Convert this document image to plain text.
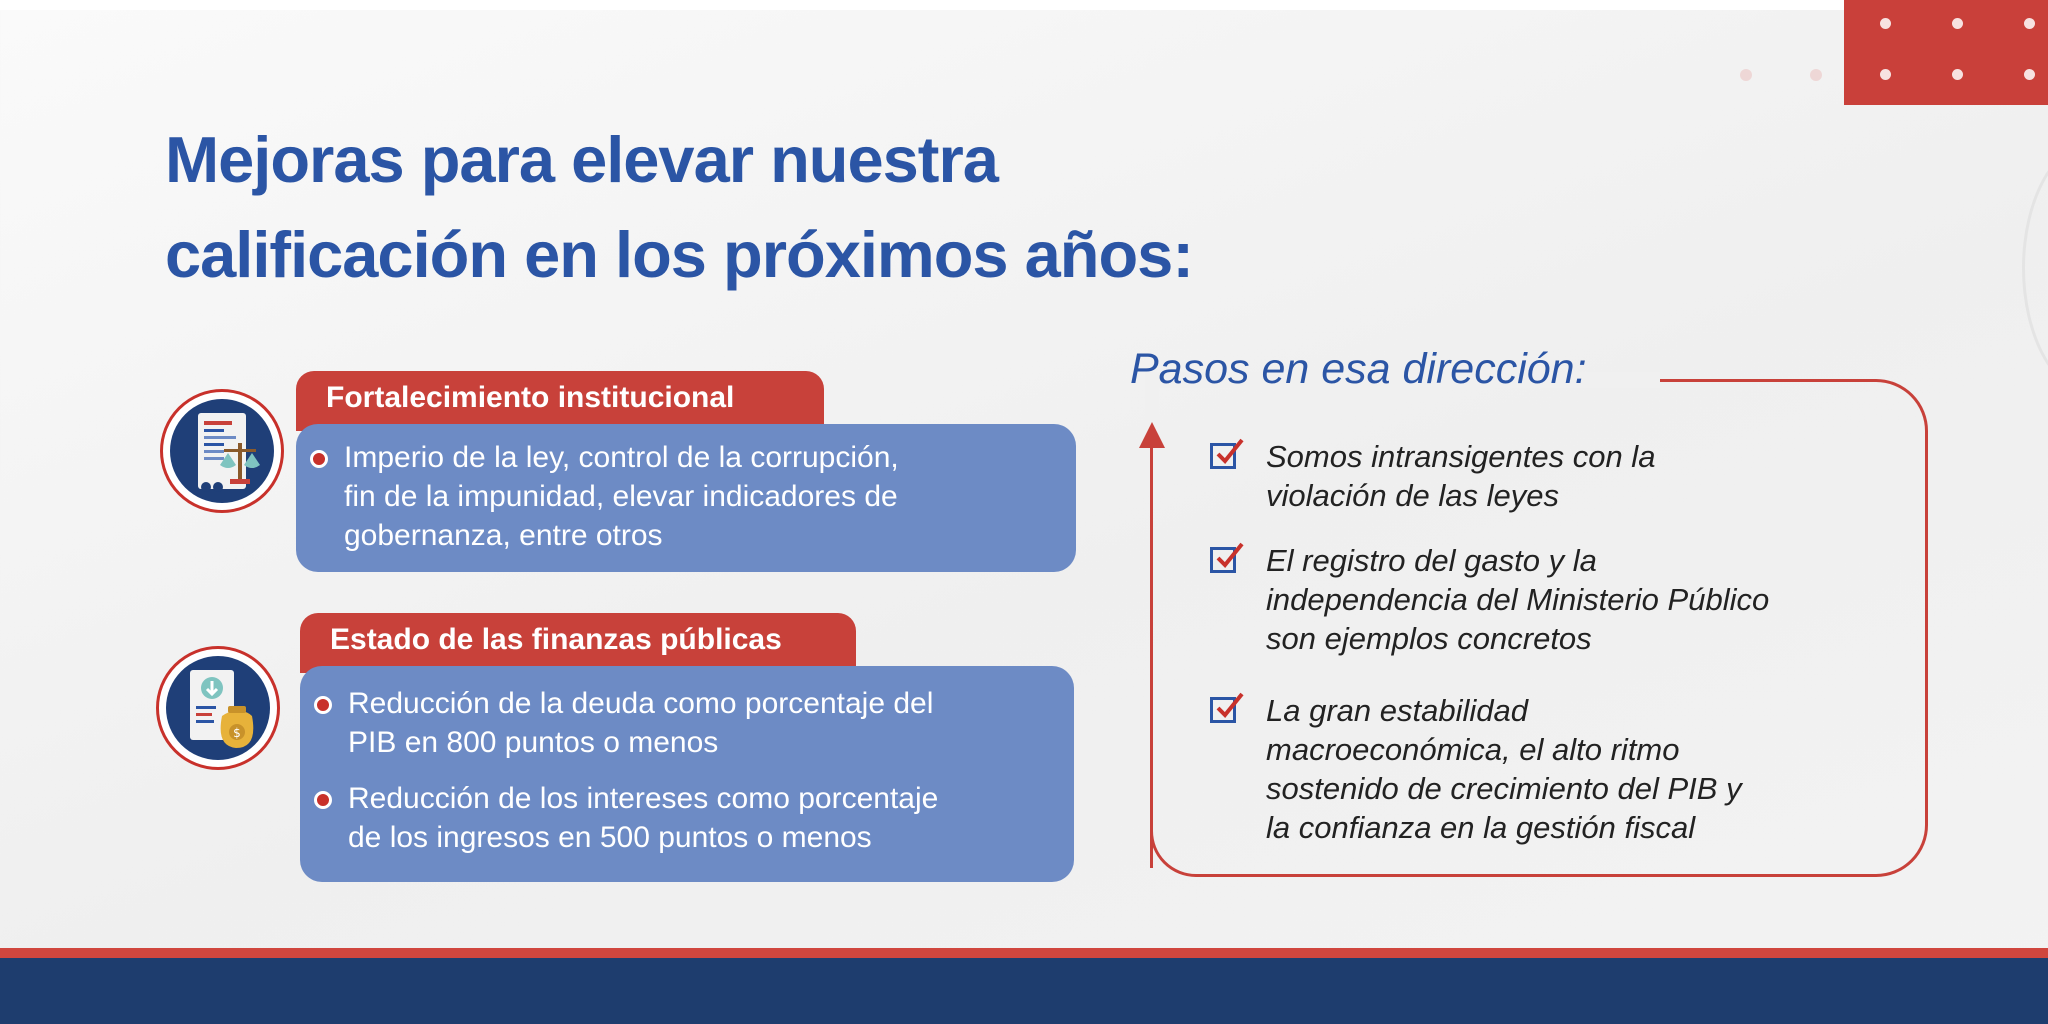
Mejoras para elevar nuestra
calificación en los próximos años:
Fortalecimiento institucional
Imperio de la ley, control de la corrupción,
fin de la impunidad, elevar indicadores de
gobernanza, entre otros
$
Estado de las finanzas públicas
Reducción de la deuda como porcentaje del
PIB en 800 puntos o menos
Reducción de los intereses como porcentaje
de los ingresos en 500 puntos o menos
Pasos en esa dirección:
Somos intransigentes con la
violación de las leyes
El registro del gasto y la
independencia del Ministerio Público
son ejemplos concretos
La gran estabilidad
macroeconómica, el alto ritmo
sostenido de crecimiento del PIB y
la confianza en la gestión fiscal
